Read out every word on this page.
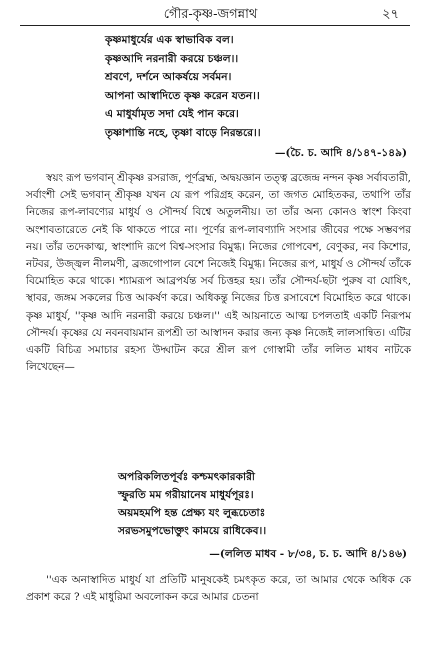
গৌর-কৃষ্ণ-জগন্নাথ	২৭
কৃষ্ণমাধুর্যের এক স্বাভাবিক বল।
কৃষ্ণআদি নরনারী করয়ে চঞ্চল।।
শ্রবণে, দর্শনে আকর্ষয়ে সর্বমন।
আপনা আস্বাদিতে কৃষ্ণ করেন যতন।।
এ মাধুর্যামৃত সদা যেই পান করে।
তৃষ্ণাশান্তি নহে, তৃষ্ণা বাড়ে নিরন্তরে।।
—(চৈ. চ. আদি ৪/১৪৭-১৪৯)

স্বয়ং রূপ ভগবান্ শ্রীকৃষ্ণ রসরাজ, পূর্ণব্রহ্ম, অদ্বয়জ্ঞান তত্ত্ব ব্রজেন্দ্র নন্দন কৃষ্ণ সর্বাবতারী, সর্বাংশী সেই ভগবান্ শ্রীকৃষ্ণ যখন যে রূপ পরিগ্রহ করেন, তা জগত মোহিতকর, তথাপি তাঁর নিজের রূপ-লাবণ্যের মাধুর্য ও সৌন্দর্য বিশ্বে অতুলনীয়। তা তাঁর অন্য কোনও স্বাংশ কিংবা অংশাবতারেতে নেই কি থাকতে পারে না। পূর্ণের রূপ-লাবণ্যাদি সংসার জীবের পক্ষে সম্ভবপর নয়। তাঁর তদেকাত্ম, স্বাংশাদি রূপে বিশ্ব-সংসার বিমুগ্ধ। নিজের গোপবেশ, বেণুকর, নব কিশোর, নটবর, উজ্জ্বল নীলমণী, ব্রজগোপাল বেশে নিজেই বিমুগ্ধ। নিজের রূপ, মাধুর্য ও সৌন্দর্য তাঁকে বিমোহিত করে থাকে। শ্যামরূপ আব্রপর্যন্ত সর্ব চিত্তহর হয়। তাঁর সৌন্দর্য-ছটা পুরুষ বা যোষিৎ, স্থাবর, জঙ্গম সকলের চিত্ত আকর্ষণ করে। অধিকন্তু নিজের চিত্ত রসাবেশে বিমোহিত করে থাকে। কৃষ্ণ মাধুর্য, ''কৃষ্ণ আদি নরনারী করয়ে চঞ্চল।'' এই আয়নাতে আত্ম চপলতাই একটি নিরূপম সৌন্দর্য। কৃষ্ণের যে নবনবায়মান রূপশ্রী তা আস্বাদন করার জন্য কৃষ্ণ নিজেই লালসান্বিত। এটির একটি বিচিত্র সমাচার রহস্য উদ্ঘাটন করে শ্রীল রূপ গোস্বামী তাঁর ললিত মাধব নাটকে লিখেছেন—

অপরিকলিতপূর্বঃ কশ্চমৎকারকারী
স্ফুরতি মম গরীয়ানেষ মাধুর্যপূরঃ।
অয়মহমপি হন্ত প্রেক্ষ্য যং লুব্ধচেতাঃ
সরভসমুপভোক্তুং কাময়ে রাধিকেব।।
—(ললিত মাধব - ৮/৩৪, চ. চ. আদি ৪/১৪৬)

''এক অনাস্বাদিত মাধুর্য যা প্রতিটি মানুষকেই চমৎকৃত করে, তা আমার থেকে অধিক কে প্রকাশ করে ? এই মাধুরিমা অবলোকন করে আমার চেতনা
